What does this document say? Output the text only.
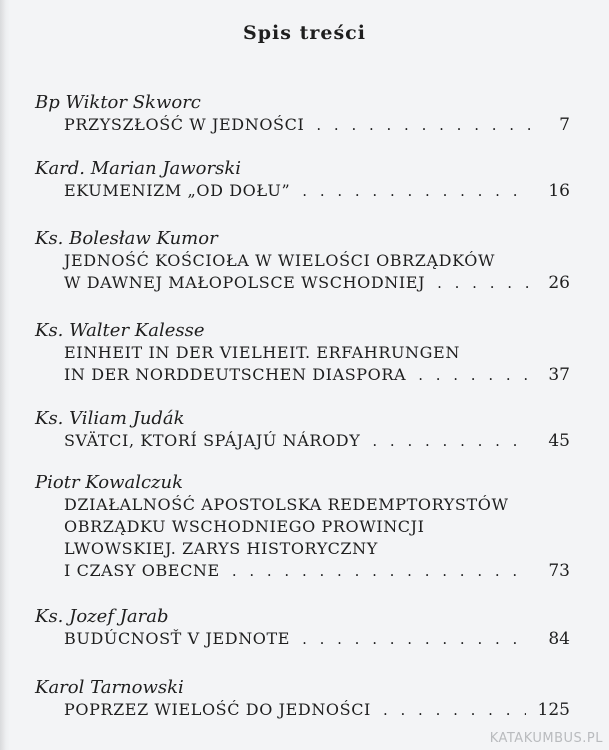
Spis treści
Bp Wiktor Skworc
PRZYSZŁOŚĆ W JEDNOŚCI . . .	7
Kard. Marian Jaworski
EKUMENIZM „OD DOŁU” . . .	16
Ks. Bolesław Kumor
JEDNOŚĆ KOŚCIOŁA W WIELOŚCI OBRZĄDKÓW
W DAWNEJ MAŁOPOLSCE WSCHODNIEJ . . .	26
Ks. Walter Kalesse
EINHEIT IN DER VIELHEIT. ERFAHRUNGEN
IN DER NORDDEUTSCHEN DIASPORA . . .	37
Ks. Viliam Judák
SVÄTCI, KTORÍ SPÁJAJÚ NÁRODY . . .	45
Piotr Kowalczuk
DZIAŁALNOŚĆ APOSTOLSKA REDEMPTORYSTÓW
OBRZĄDKU WSCHODNIEGO PROWINCJI
LWOWSKIEJ. ZARYS HISTORYCZNY
I CZASY OBECNE . . .	73
Ks. Jozef Jarab
BUDÚCNOSŤ V JEDNOTE . . .	84
Karol Tarnowski
POPRZEZ WIELOŚĆ DO JEDNOŚCI . . .	125
KATAKUMBUS.PL
